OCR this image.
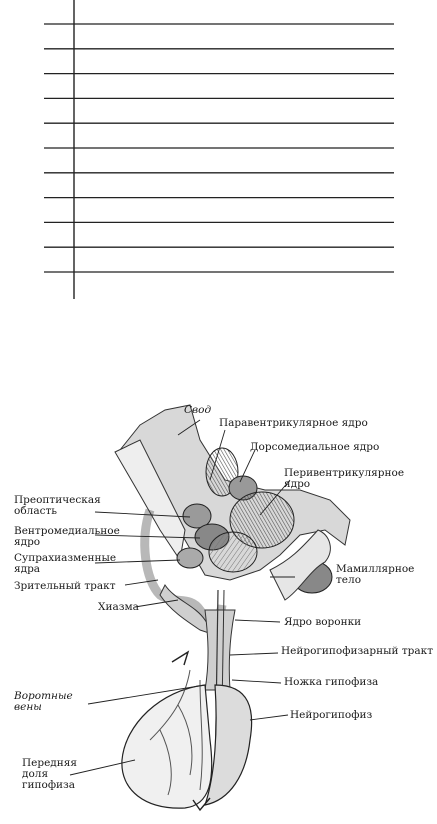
Свод
Паравентрикулярное ядро
Дорсомедиальное ядро
Перивентрикулярное ядро
Преоптическая область
Вентромедиальное ядро
Супрахиазменные ядра
Зрительный тракт
Хиазма
Мамиллярное тело
Ядро воронки
Нейрогипофизарный тракт
Ножка гипофиза
Воротные вены
Нейрогипофиз
Передняя доля гипофиза
